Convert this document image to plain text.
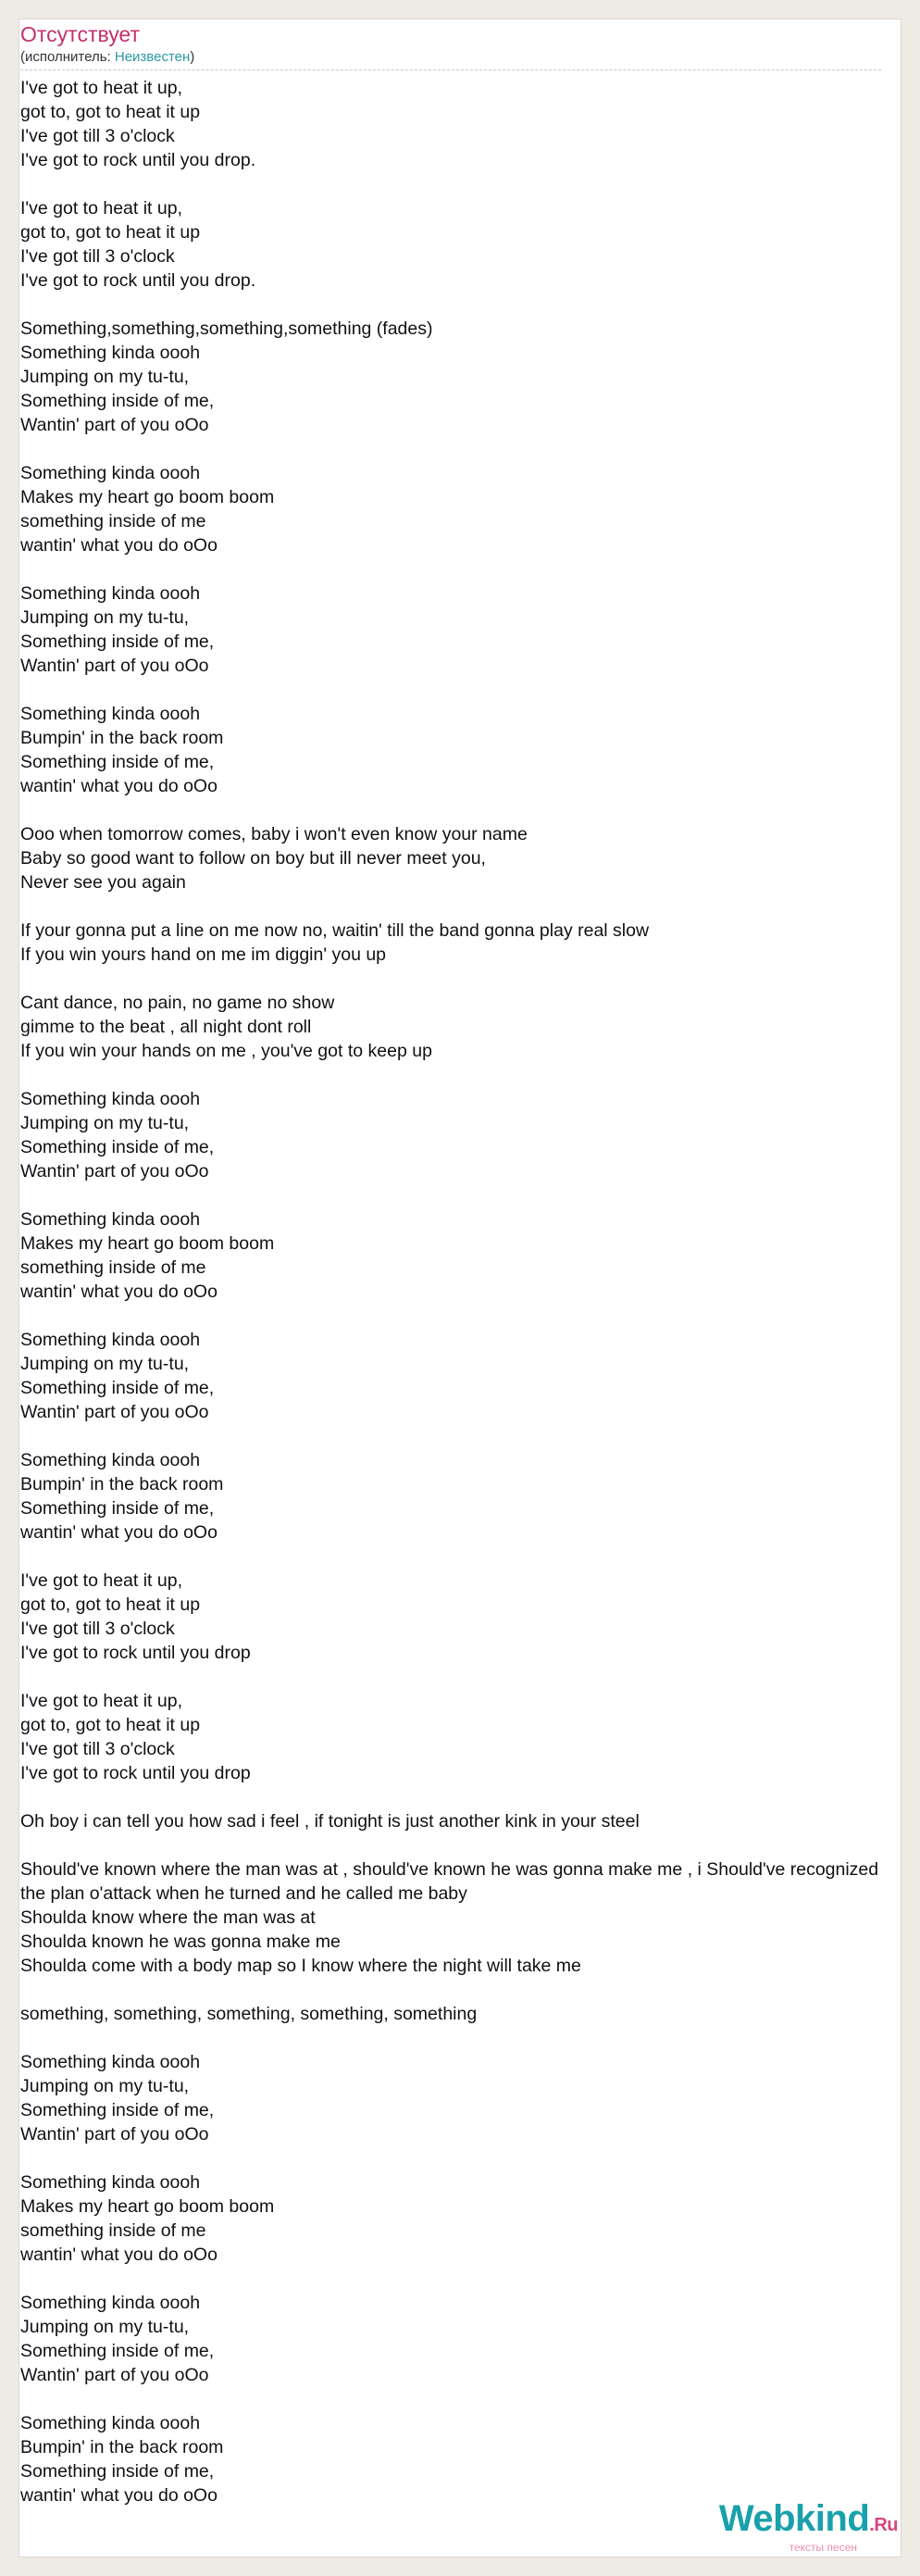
Отсутствует
(исполнитель: Неизвестен)
I've got to heat it up,
got to, got to heat it up
I've got till 3 o'clock
I've got to rock until you drop.
I've got to heat it up,
got to, got to heat it up
I've got till 3 o'clock
I've got to rock until you drop.
Something,something,something,something (fades)
Something kinda oooh
Jumping on my tu-tu,
Something inside of me,
Wantin' part of you oOo
Something kinda oooh
Makes my heart go boom boom
something inside of me
wantin' what you do oOo
Something kinda oooh
Jumping on my tu-tu,
Something inside of me,
Wantin' part of you oOo
Something kinda oooh
Bumpin' in the back room
Something inside of me,
wantin' what you do oOo
Ooo when tomorrow comes, baby i won't even know your name
Baby so good want to follow on boy but ill never meet you,
Never see you again
If your gonna put a line on me now no, waitin' till the band gonna play real slow
If you win yours hand on me im diggin' you up
Cant dance, no pain, no game no show
gimme to the beat , all night dont roll
If you win your hands on me , you've got to keep up
Something kinda oooh
Jumping on my tu-tu,
Something inside of me,
Wantin' part of you oOo
Something kinda oooh
Makes my heart go boom boom
something inside of me
wantin' what you do oOo
Something kinda oooh
Jumping on my tu-tu,
Something inside of me,
Wantin' part of you oOo
Something kinda oooh
Bumpin' in the back room
Something inside of me,
wantin' what you do oOo
I've got to heat it up,
got to, got to heat it up
I've got till 3 o'clock
I've got to rock until you drop
I've got to heat it up,
got to, got to heat it up
I've got till 3 o'clock
I've got to rock until you drop
Oh boy i can tell you how sad i feel , if tonight is just another kink in your steel
Should've known where the man was at , should've known he was gonna make me , i Should've recognized
the plan o'attack when he turned and he called me baby
Shoulda know where the man was at
Shoulda known he was gonna make me
Shoulda come with a body map so I know where the night will take me
something, something, something, something, something
Something kinda oooh
Jumping on my tu-tu,
Something inside of me,
Wantin' part of you oOo
Something kinda oooh
Makes my heart go boom boom
something inside of me
wantin' what you do oOo
Something kinda oooh
Jumping on my tu-tu,
Something inside of me,
Wantin' part of you oOo
Something kinda oooh
Bumpin' in the back room
Something inside of me,
wantin' what you do oOo
Webkind.Ru
тексты песен
